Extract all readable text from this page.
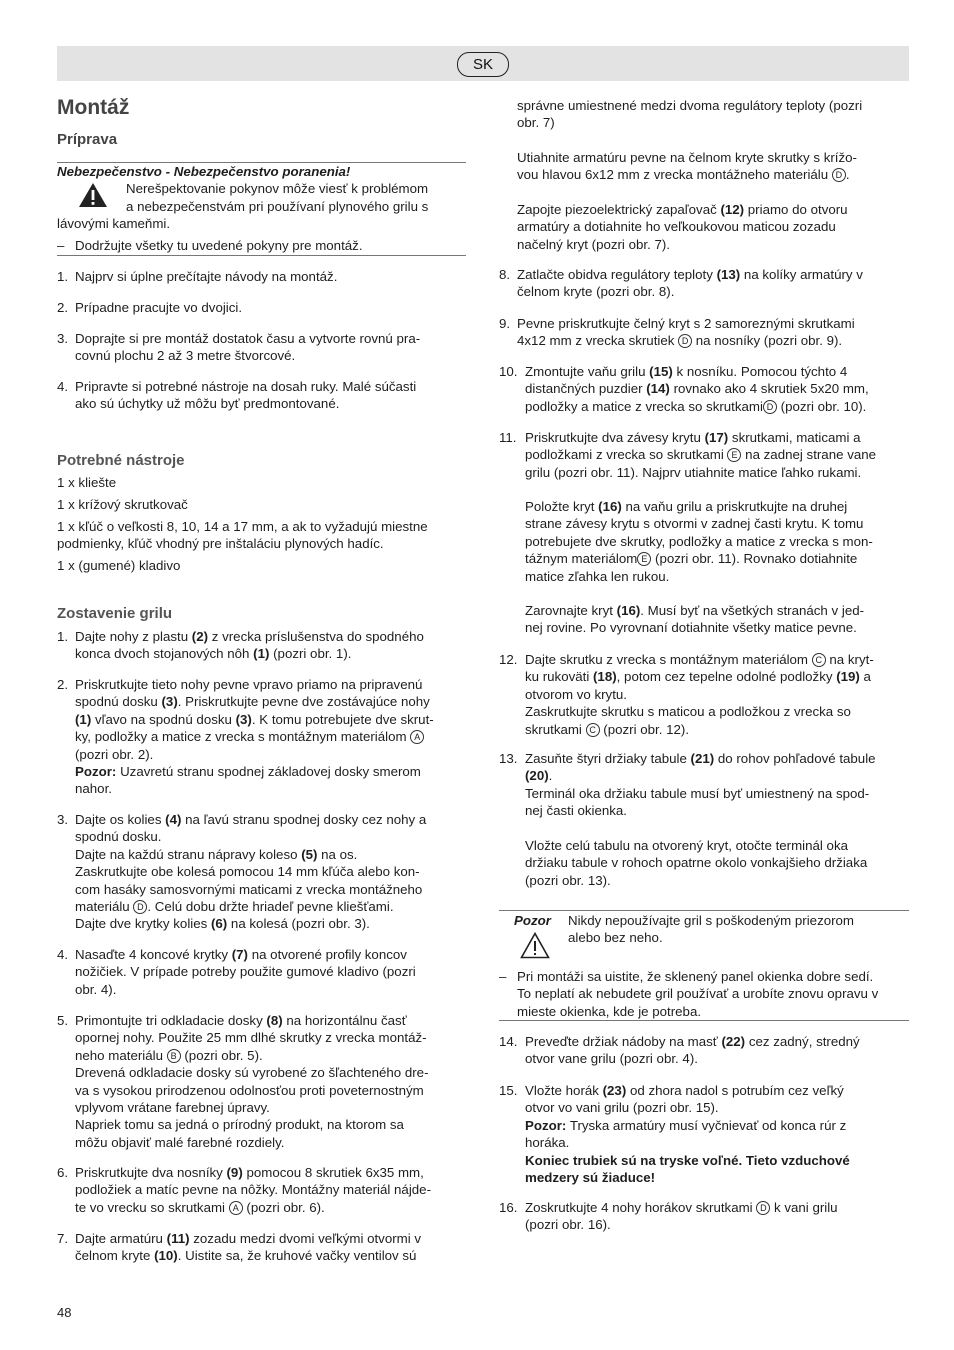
SK
Montáž
Príprava
Nebezpečenstvo - Nebezpečenstvo poranenia!
Nerešpektovanie pokynov môže viesť k problémom
a nebezpečenstvám pri používaní plynového grilu s
lávovými kameňmi.
– Dodržujte všetky tu uvedené pokyny pre montáž.
1. Najprv si úplne prečítajte návody na montáž.
2. Prípadne pracujte vo dvojici.
3. Doprajte si pre montáž dostatok času a vytvorte rovnú pra-
covnú plochu 2 až 3 metre štvorcové.
4. Pripravte si potrebné nástroje na dosah ruky. Malé súčasti
ako sú úchytky už môžu byť predmontované.
Potrebné nástroje
1 x kliešte
1 x krížový skrutkovač
1 x kľúč o veľkosti 8, 10, 14 a 17 mm, a ak to vyžadujú miestne
podmienky, kľúč vhodný pre inštaláciu plynových hadíc.
1 x (gumené) kladivo
Zostavenie grilu
1. Dajte nohy z plastu (2) z vrecka príslušenstva do spodného
konca dvoch stojanových nôh (1) (pozri obr. 1).
2. Priskrutkujte tieto nohy pevne vpravo priamo na pripravenú
spodnú dosku (3). Priskrutkujte pevne dve zostávajúce nohy
(1) vľavo na spodnú dosku (3). K tomu potrebujete dve skrut-
ky, podložky a matice z vrecka s montážnym materiálom A
(pozri obr. 2).
Pozor: Uzavretú stranu spodnej základovej dosky smerom
nahor.
3. Dajte os kolies (4) na ľavú stranu spodnej dosky cez nohy a
spodnú dosku.
Dajte na každú stranu nápravy koleso (5) na os.
Zaskrutkujte obe kolesá pomocou 14 mm kľúča alebo kon-
com hasáky samosvornými maticami z vrecka montážneho
materiálu D . Celú dobu držte hriadeľ pevne kliešťami.
Dajte dve krytky kolies (6) na kolesá (pozri obr. 3).
4. Nasaďte 4 koncové krytky (7) na otvorené profily koncov
nožičiek. V prípade potreby použite gumové kladivo (pozri
obr. 4).
5. Primontujte tri odkladacie dosky (8) na horizontálnu časť
opornej nohy. Použite 25 mm dlhé skrutky z vrecka montáž-
neho materiálu B (pozri obr. 5).
Drevená odkladacie dosky sú vyrobené zo šľachteného dre-
va s vysokou prirodzenou odolnosťou proti poveternostným
vplyvom vrátane farebnej úpravy.
Napriek tomu sa jedná o prírodný produkt, na ktorom sa
môžu objaviť malé farebné rozdiely.
6. Priskrutkujte dva nosníky (9) pomocou 8 skrutiek 6x35 mm,
podložiek a matíc pevne na nôžky. Montážny materiál nájde-
te vo vrecku so skrutkami A (pozri obr. 6).
7. Dajte armatúru (11) zozadu medzi dvomi veľkými otvormi v
čelnom kryte (10). Uistite sa, že kruhové vačky ventilov sú
správne umiestnené medzi dvoma regulátory teploty (pozri
obr. 7)
Utiahnite armatúru pevne na čelnom kryte skrutky s krížo-
vou hlavou 6x12 mm z vrecka montážneho materiálu D .
Zapojte piezoelektrický zapaľovač (12) priamo do otvoru
armatúry a dotiahnite ho veľkoukovou maticou zozadu
načelný kryt (pozri obr. 7).
8. Zatlačte obidva regulátory teploty (13) na kolíky armatúry v
čelnom kryte (pozri obr. 8).
9. Pevne priskrutkujte čelný kryt s 2 samoreznými skrutkami
4x12 mm z vrecka skrutiek D na nosníky (pozri obr. 9).
10. Zmontujte vaňu grilu (15) k nosníku. Pomocou týchto 4
distančných puzdier (14) rovnako ako 4 skrutiek 5x20 mm,
podložky a matice z vrecka so skrutkami D (pozri obr. 10).
11. Priskrutkujte dva závesy krytu (17) skrutkami, maticami a
podložkami z vrecka so skrutkami E na zadnej strane vane
grilu (pozri obr. 11). Najprv utiahnite matice ľahko rukami.
Položte kryt (16) na vaňu grilu a priskrutkujte na druhej
strane závesy krytu s otvormi v zadnej časti krytu. K tomu
potrebujete dve skrutky, podložky a matice z vrecka s mon-
tážnym materiálom E (pozri obr. 11). Rovnako dotiahnite
matice zľahka len rukou.
Zarovnajte kryt (16). Musí byť na všetkých stranách v jed-
nej rovine. Po vyrovnaní dotiahnite všetky matice pevne.
12. Dajte skrutku z vrecka s montážnym materiálom C na kryt-
ku rukoväti (18), potom cez tepelne odolné podložky (19) a
otvorom vo krytu.
Zaskrutkujte skrutku s maticou a podložkou z vrecka so
skrutkami C (pozri obr. 12).
13. Zasuňte štyri držiaky tabule (21) do rohov pohľadové tabule
(20).
Terminál oka držiaku tabule musí byť umiestnený na spod-
nej časti okienka.
Vložte celú tabulu na otvorený kryt, otočte terminál oka
držiaku tabule v rohoch opatrne okolo vonkajšieho držiaka
(pozri obr. 13).
Pozor Nikdy nepoužívajte gril s poškodeným priezorom
alebo bez neho.
– Pri montáži sa uistite, že sklenený panel okienka dobre sedí.
To neplatí ak nebudete gril používať a urobíte znovu opravu v
mieste okienka, kde je potreba.
14. Preveďte držiak nádoby na masť (22) cez zadný, stredný
otvor vane grilu (pozri obr. 4).
15. Vložte horák (23) od zhora nadol s potrubím cez veľký
otvor vo vani grilu (pozri obr. 15).
Pozor: Tryska armatúry musí vyčnievať od konca rúr z
horáka.
Koniec trubiek sú na tryske voľné. Tieto vzduchové
medzery sú žiaduce!
16. Zoskrutkujte 4 nohy horákov skrutkami D k vani grilu
(pozri obr. 16).
48
